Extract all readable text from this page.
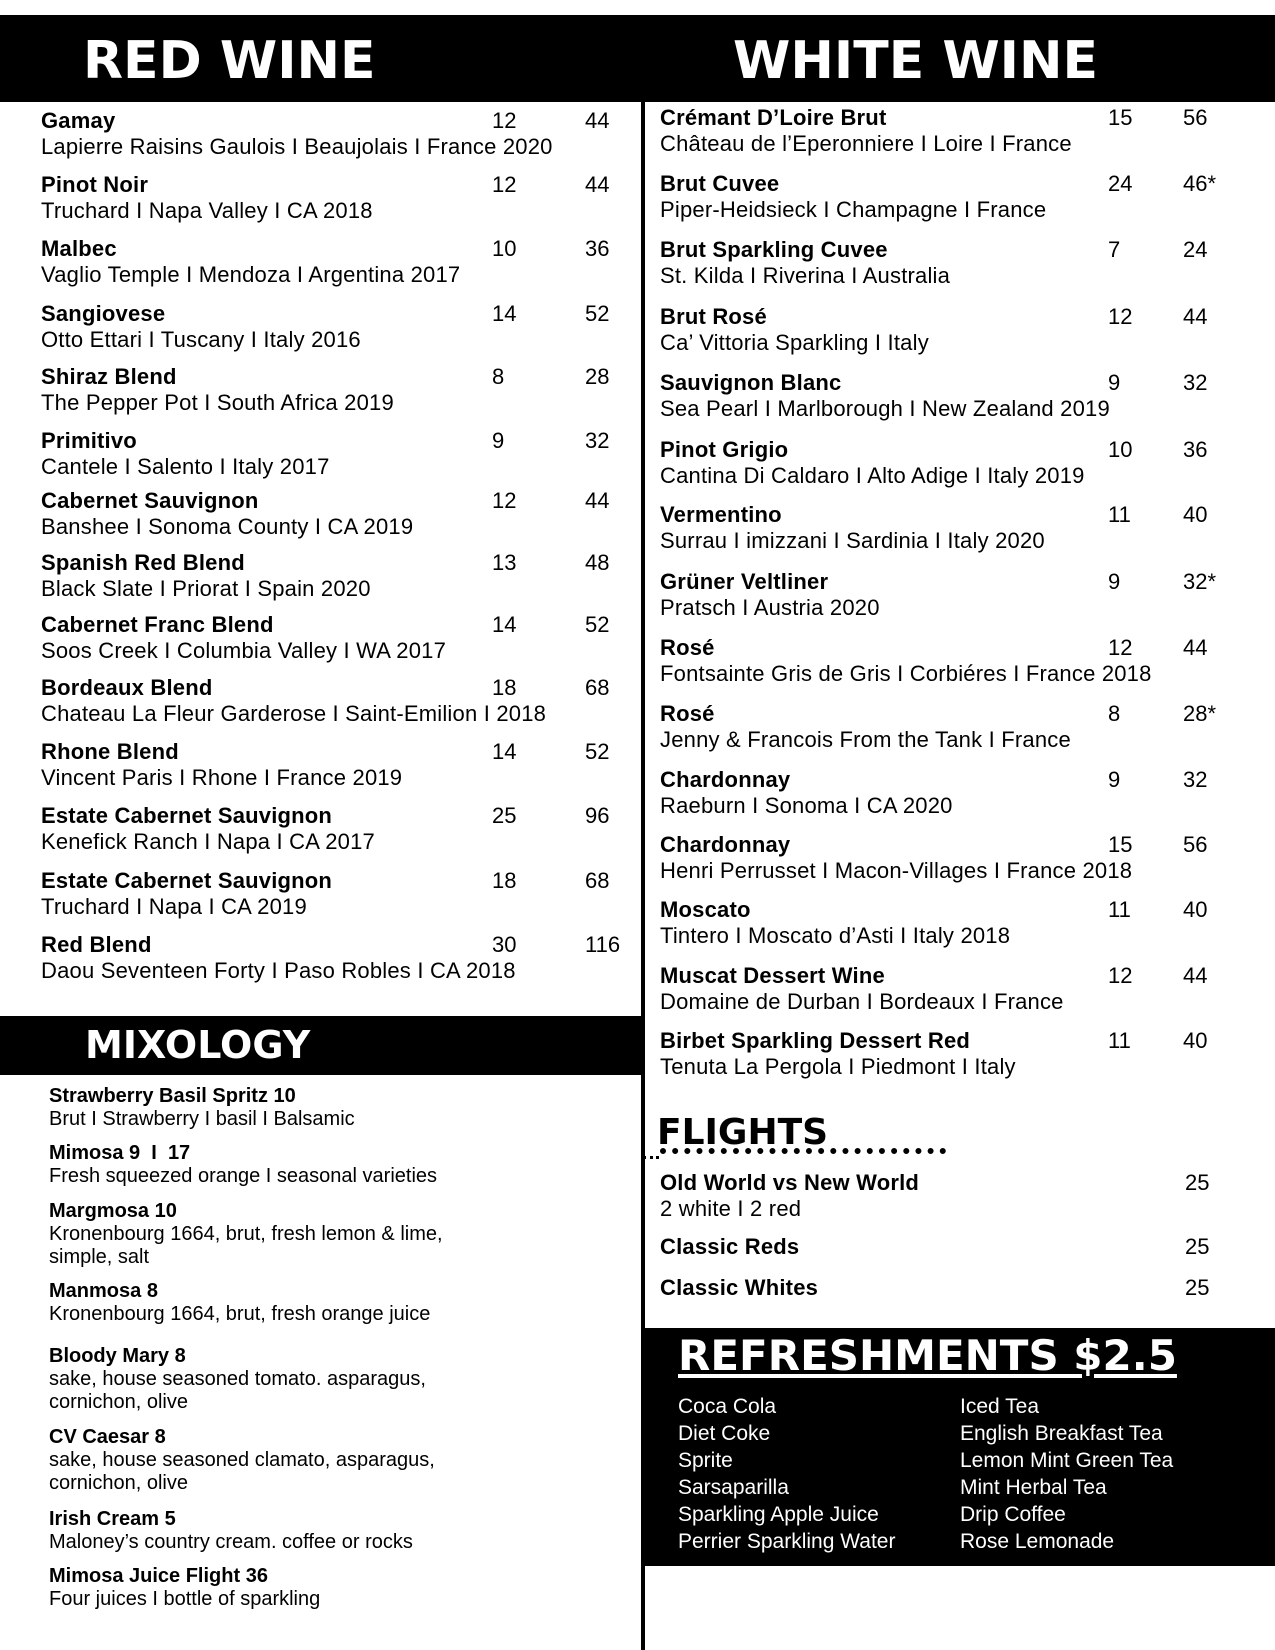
RED WINE	WHITE WINE
MIXOLOGY
REFRESHMENTS $2.5
FLIGHTS
Gamay
Lapierre Raisins Gaulois I Beaujolais I France 2020
12	44
Pinot Noir
Truchard I Napa Valley I CA 2018
12	44
Malbec
Vaglio Temple I Mendoza I Argentina 2017
10	36
Sangiovese
Otto Ettari I Tuscany I Italy 2016
14	52
Shiraz Blend
The Pepper Pot I South Africa 2019
8	28
Primitivo
Cantele I Salento I Italy 2017
9	32
Cabernet Sauvignon
Banshee I Sonoma County I CA 2019
12	44
Spanish Red Blend
Black Slate I Priorat I Spain 2020
13	48
Cabernet Franc Blend
Soos Creek I Columbia Valley I WA 2017
14	52
Bordeaux Blend
Chateau La Fleur Garderose I Saint-Emilion I 2018
18	68
Rhone Blend
Vincent Paris I Rhone I France 2019
14	52
Estate Cabernet Sauvignon
Kenefick Ranch I Napa I CA 2017
25	96
Estate Cabernet Sauvignon
Truchard I Napa I CA 2019
18	68
Red Blend
Daou Seventeen Forty I Paso Robles I CA 2018
30	116
Crémant D’Loire Brut
Château de l’Eperonniere I Loire I France
15 56
Brut Cuvee
Piper-Heidsieck I Champagne I France
24 46*
Brut Sparkling Cuvee
St. Kilda I Riverina I Australia
7	24
Brut Rosé
Ca’ Vittoria Sparkling I Italy
12 44
Sauvignon Blanc
Sea Pearl I Marlborough I New Zealand 2019
9	32
Pinot Grigio
Cantina Di Caldaro I Alto Adige I Italy 2019
10 36
Vermentino
Surrau I imizzani I Sardinia I Italy 2020
11 40
Grüner Veltliner
Pratsch I Austria 2020
9	32*
Rosé
Fontsainte Gris de Gris I Corbiéres I France 2018
12 44
Rosé
Jenny & Francois From the Tank I France
8	28*
Chardonnay
Raeburn I Sonoma I CA 2020
9	32
Chardonnay
Henri Perrusset I Macon-Villages I France 2018
15 56
Moscato
Tintero I Moscato d’Asti I Italy 2018
11 40
Muscat Dessert Wine
Domaine de Durban I Bordeaux I France
12 44
Birbet Sparkling Dessert Red
Tenuta La Pergola I Piedmont I Italy
11 40
Strawberry Basil Spritz 10
Brut I Strawberry I basil I Balsamic
Mimosa 9  I  17
Fresh squeezed orange I seasonal varieties
Margmosa 10
Kronenbourg 1664, brut, fresh lemon & lime,
simple, salt
Manmosa 8
Kronenbourg 1664, brut, fresh orange juice
Bloody Mary 8
sake, house seasoned tomato. asparagus,
cornichon, olive
CV Caesar 8
sake, house seasoned clamato, asparagus,
cornichon, olive
Irish Cream 5
Maloney’s country cream. coffee or rocks
Mimosa Juice Flight 36
Four juices I bottle of sparkling
Old World vs New World
2 white I 2 red
25
Classic Reds	25
Classic Whites	25
Coca Cola
Diet Coke
Sprite
Sarsaparilla
Sparkling Apple Juice
Perrier Sparkling Water
Iced Tea
English Breakfast Tea
Lemon Mint Green Tea
Mint Herbal Tea
Drip Coffee
Rose Lemonade
